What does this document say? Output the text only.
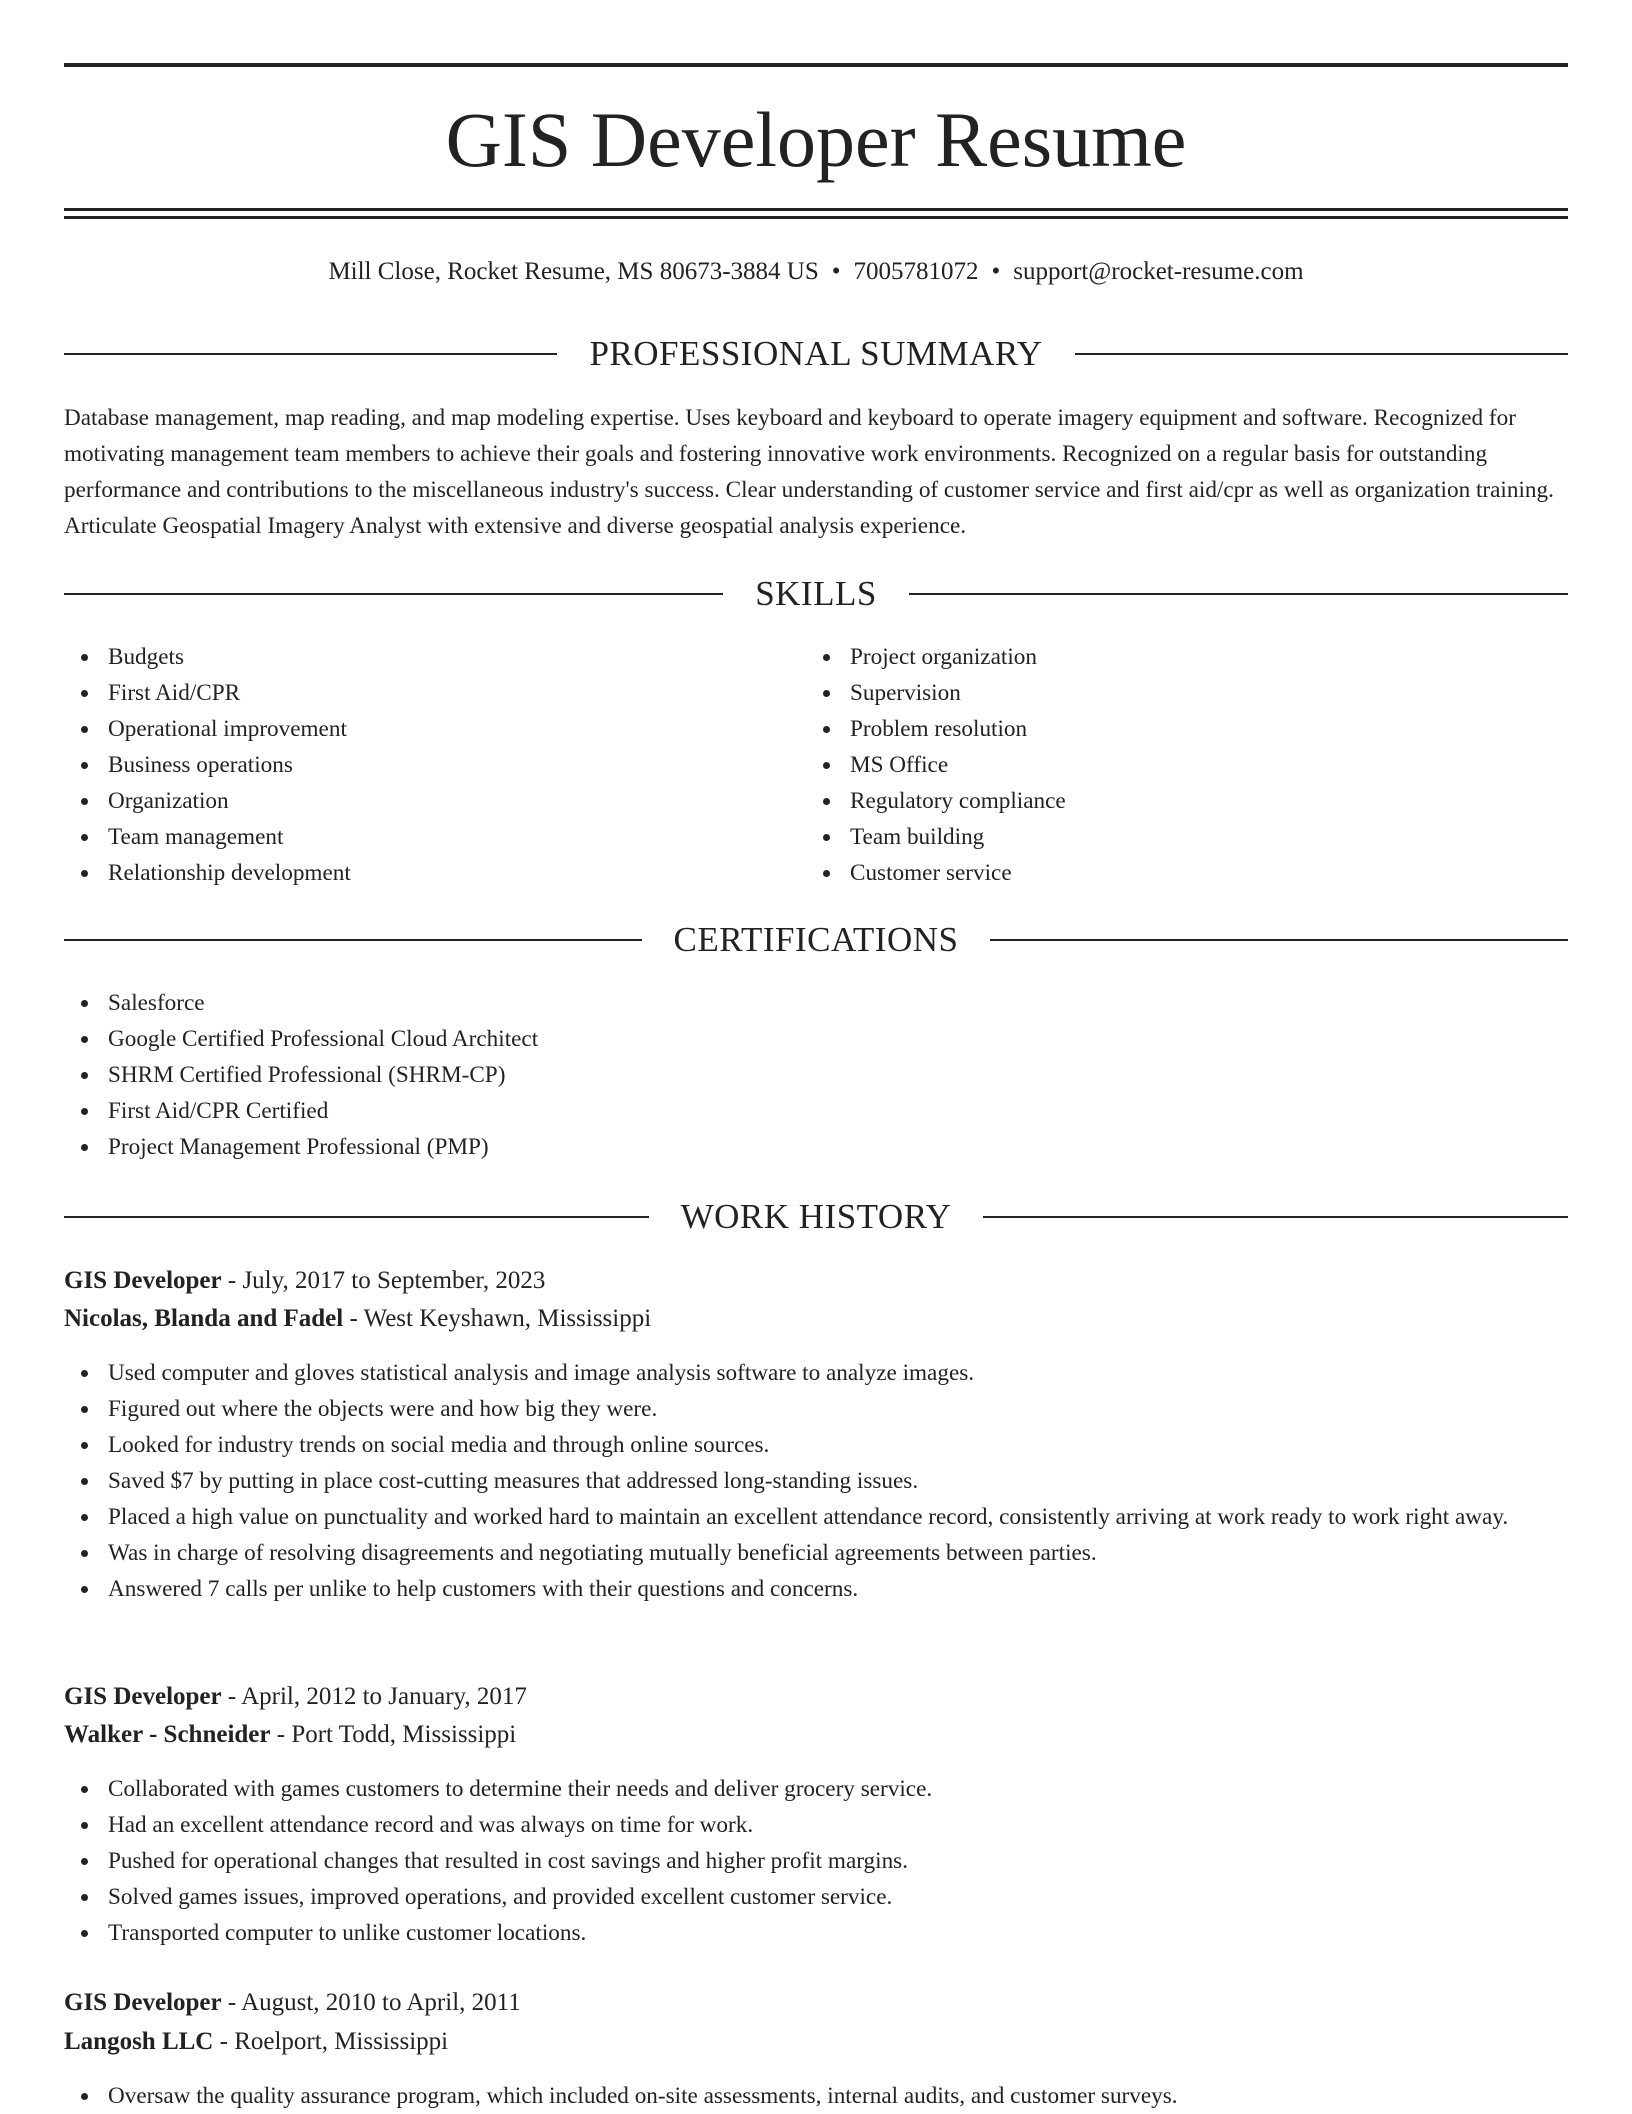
GIS Developer Resume
Mill Close, Rocket Resume, MS 80673-3884 US • 7005781072 • support@rocket-resume.com
PROFESSIONAL SUMMARY

Database management, map reading, and map modeling expertise. Uses keyboard and keyboard to operate imagery equipment and software. Recognized for motivating management team members to achieve their goals and fostering innovative work environments. Recognized on a regular basis for outstanding performance and contributions to the miscellaneous industry's success. Clear understanding of customer service and first aid/cpr as well as organization training. Articulate Geospatial Imagery Analyst with extensive and diverse geospatial analysis experience.

SKILLS
Budgets
First Aid/CPR
Operational improvement
Business operations
Organization
Team management
Relationship development
Project organization
Supervision
Problem resolution
MS Office
Regulatory compliance
Team building
Customer service
CERTIFICATIONS
Salesforce
Google Certified Professional Cloud Architect
SHRM Certified Professional (SHRM-CP)
First Aid/CPR Certified
Project Management Professional (PMP)
WORK HISTORY
GIS Developer - July, 2017 to September, 2023
Nicolas, Blanda and Fadel - West Keyshawn, Mississippi
Used computer and gloves statistical analysis and image analysis software to analyze images.
Figured out where the objects were and how big they were.
Looked for industry trends on social media and through online sources.
Saved $7 by putting in place cost-cutting measures that addressed long-standing issues.
Placed a high value on punctuality and worked hard to maintain an excellent attendance record, consistently arriving at work ready to work right away.
Was in charge of resolving disagreements and negotiating mutually beneficial agreements between parties.
Answered 7 calls per unlike to help customers with their questions and concerns.
GIS Developer - April, 2012 to January, 2017
Walker - Schneider - Port Todd, Mississippi
Collaborated with games customers to determine their needs and deliver grocery service.
Had an excellent attendance record and was always on time for work.
Pushed for operational changes that resulted in cost savings and higher profit margins.
Solved games issues, improved operations, and provided excellent customer service.
Transported computer to unlike customer locations.
GIS Developer - August, 2010 to April, 2011
Langosh LLC - Roelport, Mississippi
Oversaw the quality assurance program, which included on-site assessments, internal audits, and customer surveys.
